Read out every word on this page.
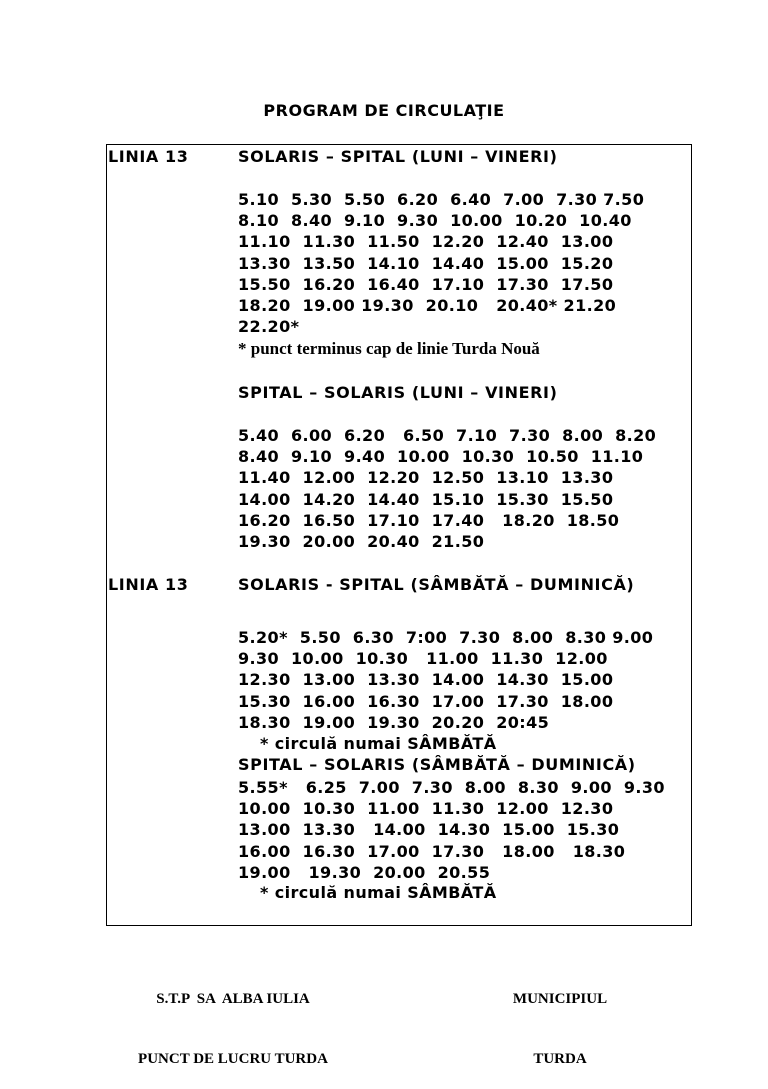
PROGRAM DE CIRCULAŢIE
LINIA 13	SOLARIS – SPITAL (LUNI – VINERI)
5.10  5.30  5.50  6.20  6.40  7.00  7.30 7.50
8.10  8.40  9.10  9.30  10.00  10.20  10.40
11.10  11.30  11.50  12.20  12.40  13.00
13.30  13.50  14.10  14.40  15.00  15.20
15.50  16.20  16.40  17.10  17.30  17.50
18.20  19.00 19.30  20.10   20.40* 21.20
22.20*
* punct terminus cap de linie Turda Nouă
SPITAL – SOLARIS (LUNI – VINERI)
5.40  6.00  6.20   6.50  7.10  7.30  8.00  8.20
8.40  9.10  9.40  10.00  10.30  10.50  11.10
11.40  12.00  12.20  12.50  13.10  13.30
14.00  14.20  14.40  15.10  15.30  15.50
16.20  16.50  17.10  17.40   18.20  18.50
19.30  20.00  20.40  21.50
LINIA 13	SOLARIS - SPITAL (SÂMBĂTĂ – DUMINICĂ)
5.20*  5.50  6.30  7:00  7.30  8.00  8.30 9.00
9.30  10.00  10.30   11.00  11.30  12.00
12.30  13.00  13.30  14.00  14.30  15.00
15.30  16.00  16.30  17.00  17.30  18.00
18.30  19.00  19.30  20.20  20:45
* circulă numai SÂMBĂTĂ
SPITAL – SOLARIS (SÂMBĂTĂ – DUMINICĂ)
5.55*   6.25  7.00  7.30  8.00  8.30  9.00  9.30
10.00  10.30  11.00  11.30  12.00  12.30
13.00  13.30   14.00  14.30  15.00  15.30
16.00  16.30  17.00  17.30   18.00   18.30
19.00   19.30  20.00  20.55
* circulă numai SÂMBĂTĂ

S.T.P  SA  ALBA IULIA

PUNCT DE LUCRU TURDA

MUNICIPIUL

TURDA
